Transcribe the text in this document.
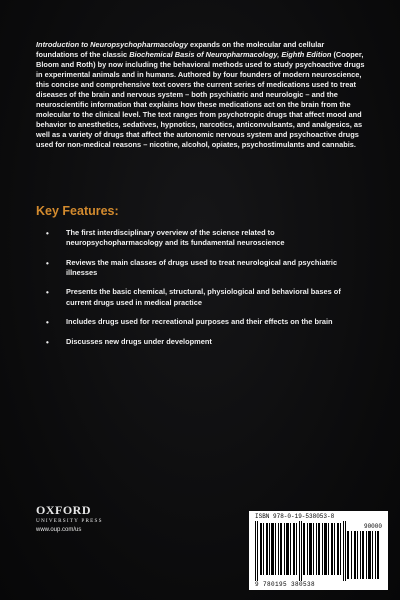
Introduction to Neuropsychopharmacology expands on the molecular and cellular foundations of the classic Biochemical Basis of Neuropharmacology, Eighth Edition (Cooper, Bloom and Roth) by now including the behavioral methods used to study psychoactive drugs in experimental animals and in humans. Authored by four founders of modern neuroscience, this concise and comprehensive text covers the current series of medications used to treat diseases of the brain and nervous system – both psychiatric and neurologic – and the neuroscientific information that explains how these medications act on the brain from the molecular to the clinical level. The text ranges from psychotropic drugs that affect mood and behavior to anesthetics, sedatives, hypnotics, narcotics, anticonvulsants, and analgesics, as well as a variety of drugs that affect the autonomic nervous system and psychoactive drugs used for non-medical reasons – nicotine, alcohol, opiates, psychostimulants and cannabis.
Key Features:
• The first interdisciplinary overview of the science related to neuropsychopharmacology and its fundamental neuroscience
• Reviews the main classes of drugs used to treat neurological and psychiatric illnesses
• Presents the basic chemical, structural, physiological and behavioral bases of current drugs used in medical practice
• Includes drugs used for recreational purposes and their effects on the brain
• Discusses new drugs under development
OXFORD
UNIVERSITY PRESS
www.oup.com/us
ISBN 978-0-19-538053-8
90000
9 780195 380538
